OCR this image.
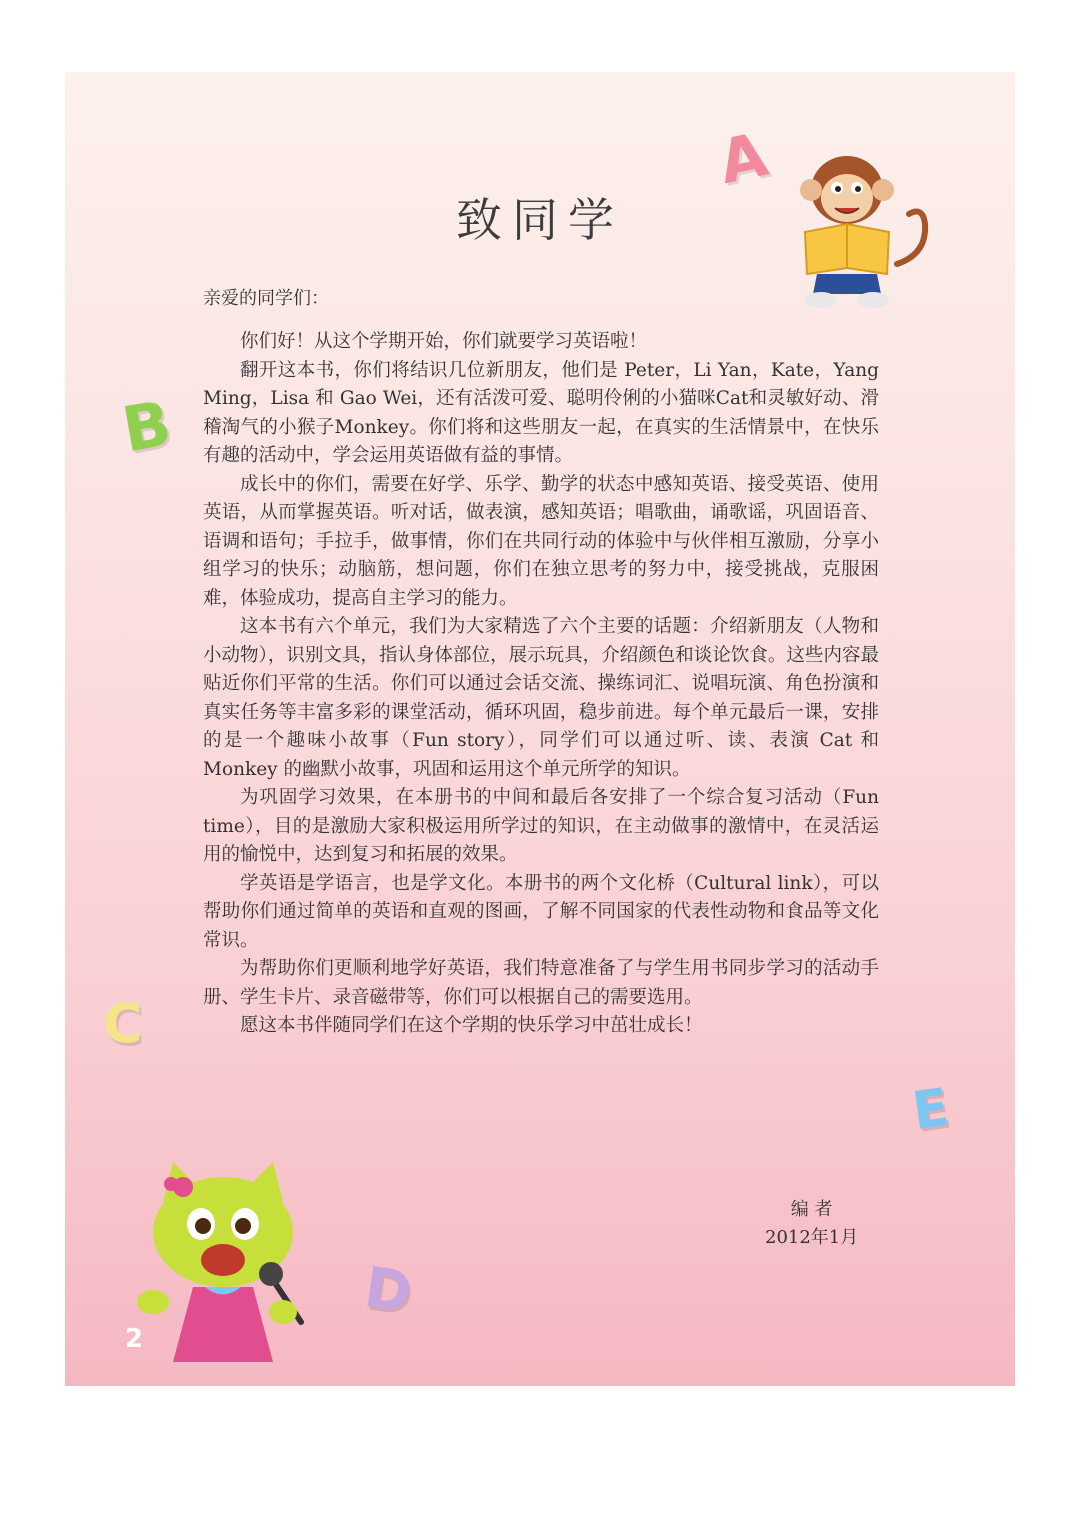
A
B
C
D
E
致同学
亲爱的同学们：

你们好！从这个学期开始，你们就要学习英语啦！

翻开这本书，你们将结识几位新朋友，他们是 Peter，Li Yan，Kate，Yang Ming，Lisa 和 Gao Wei，还有活泼可爱、聪明伶俐的小猫咪Cat和灵敏好动、滑稽淘气的小猴子Monkey。你们将和这些朋友一起，在真实的生活情景中，在快乐有趣的活动中，学会运用英语做有益的事情。

成长中的你们，需要在好学、乐学、勤学的状态中感知英语、接受英语、使用英语，从而掌握英语。听对话，做表演，感知英语；唱歌曲，诵歌谣，巩固语音、语调和语句；手拉手，做事情，你们在共同行动的体验中与伙伴相互激励，分享小组学习的快乐；动脑筋，想问题，你们在独立思考的努力中，接受挑战，克服困难，体验成功，提高自主学习的能力。

这本书有六个单元，我们为大家精选了六个主要的话题：介绍新朋友（人物和小动物），识别文具，指认身体部位，展示玩具，介绍颜色和谈论饮食。这些内容最贴近你们平常的生活。你们可以通过会话交流、操练词汇、说唱玩演、角色扮演和真实任务等丰富多彩的课堂活动，循环巩固，稳步前进。每个单元最后一课，安排的是一个趣味小故事（Fun story），同学们可以通过听、读、表演 Cat 和Monkey 的幽默小故事，巩固和运用这个单元所学的知识。

为巩固学习效果，在本册书的中间和最后各安排了一个综合复习活动（Fun time），目的是激励大家积极运用所学过的知识，在主动做事的激情中，在灵活运用的愉悦中，达到复习和拓展的效果。

学英语是学语言，也是学文化。本册书的两个文化桥（Cultural link），可以帮助你们通过简单的英语和直观的图画，了解不同国家的代表性动物和食品等文化常识。

为帮助你们更顺利地学好英语，我们特意准备了与学生用书同步学习的活动手册、学生卡片、录音磁带等，你们可以根据自己的需要选用。

愿这本书伴随同学们在这个学期的快乐学习中茁壮成长！

编 者
2012年1月
2
